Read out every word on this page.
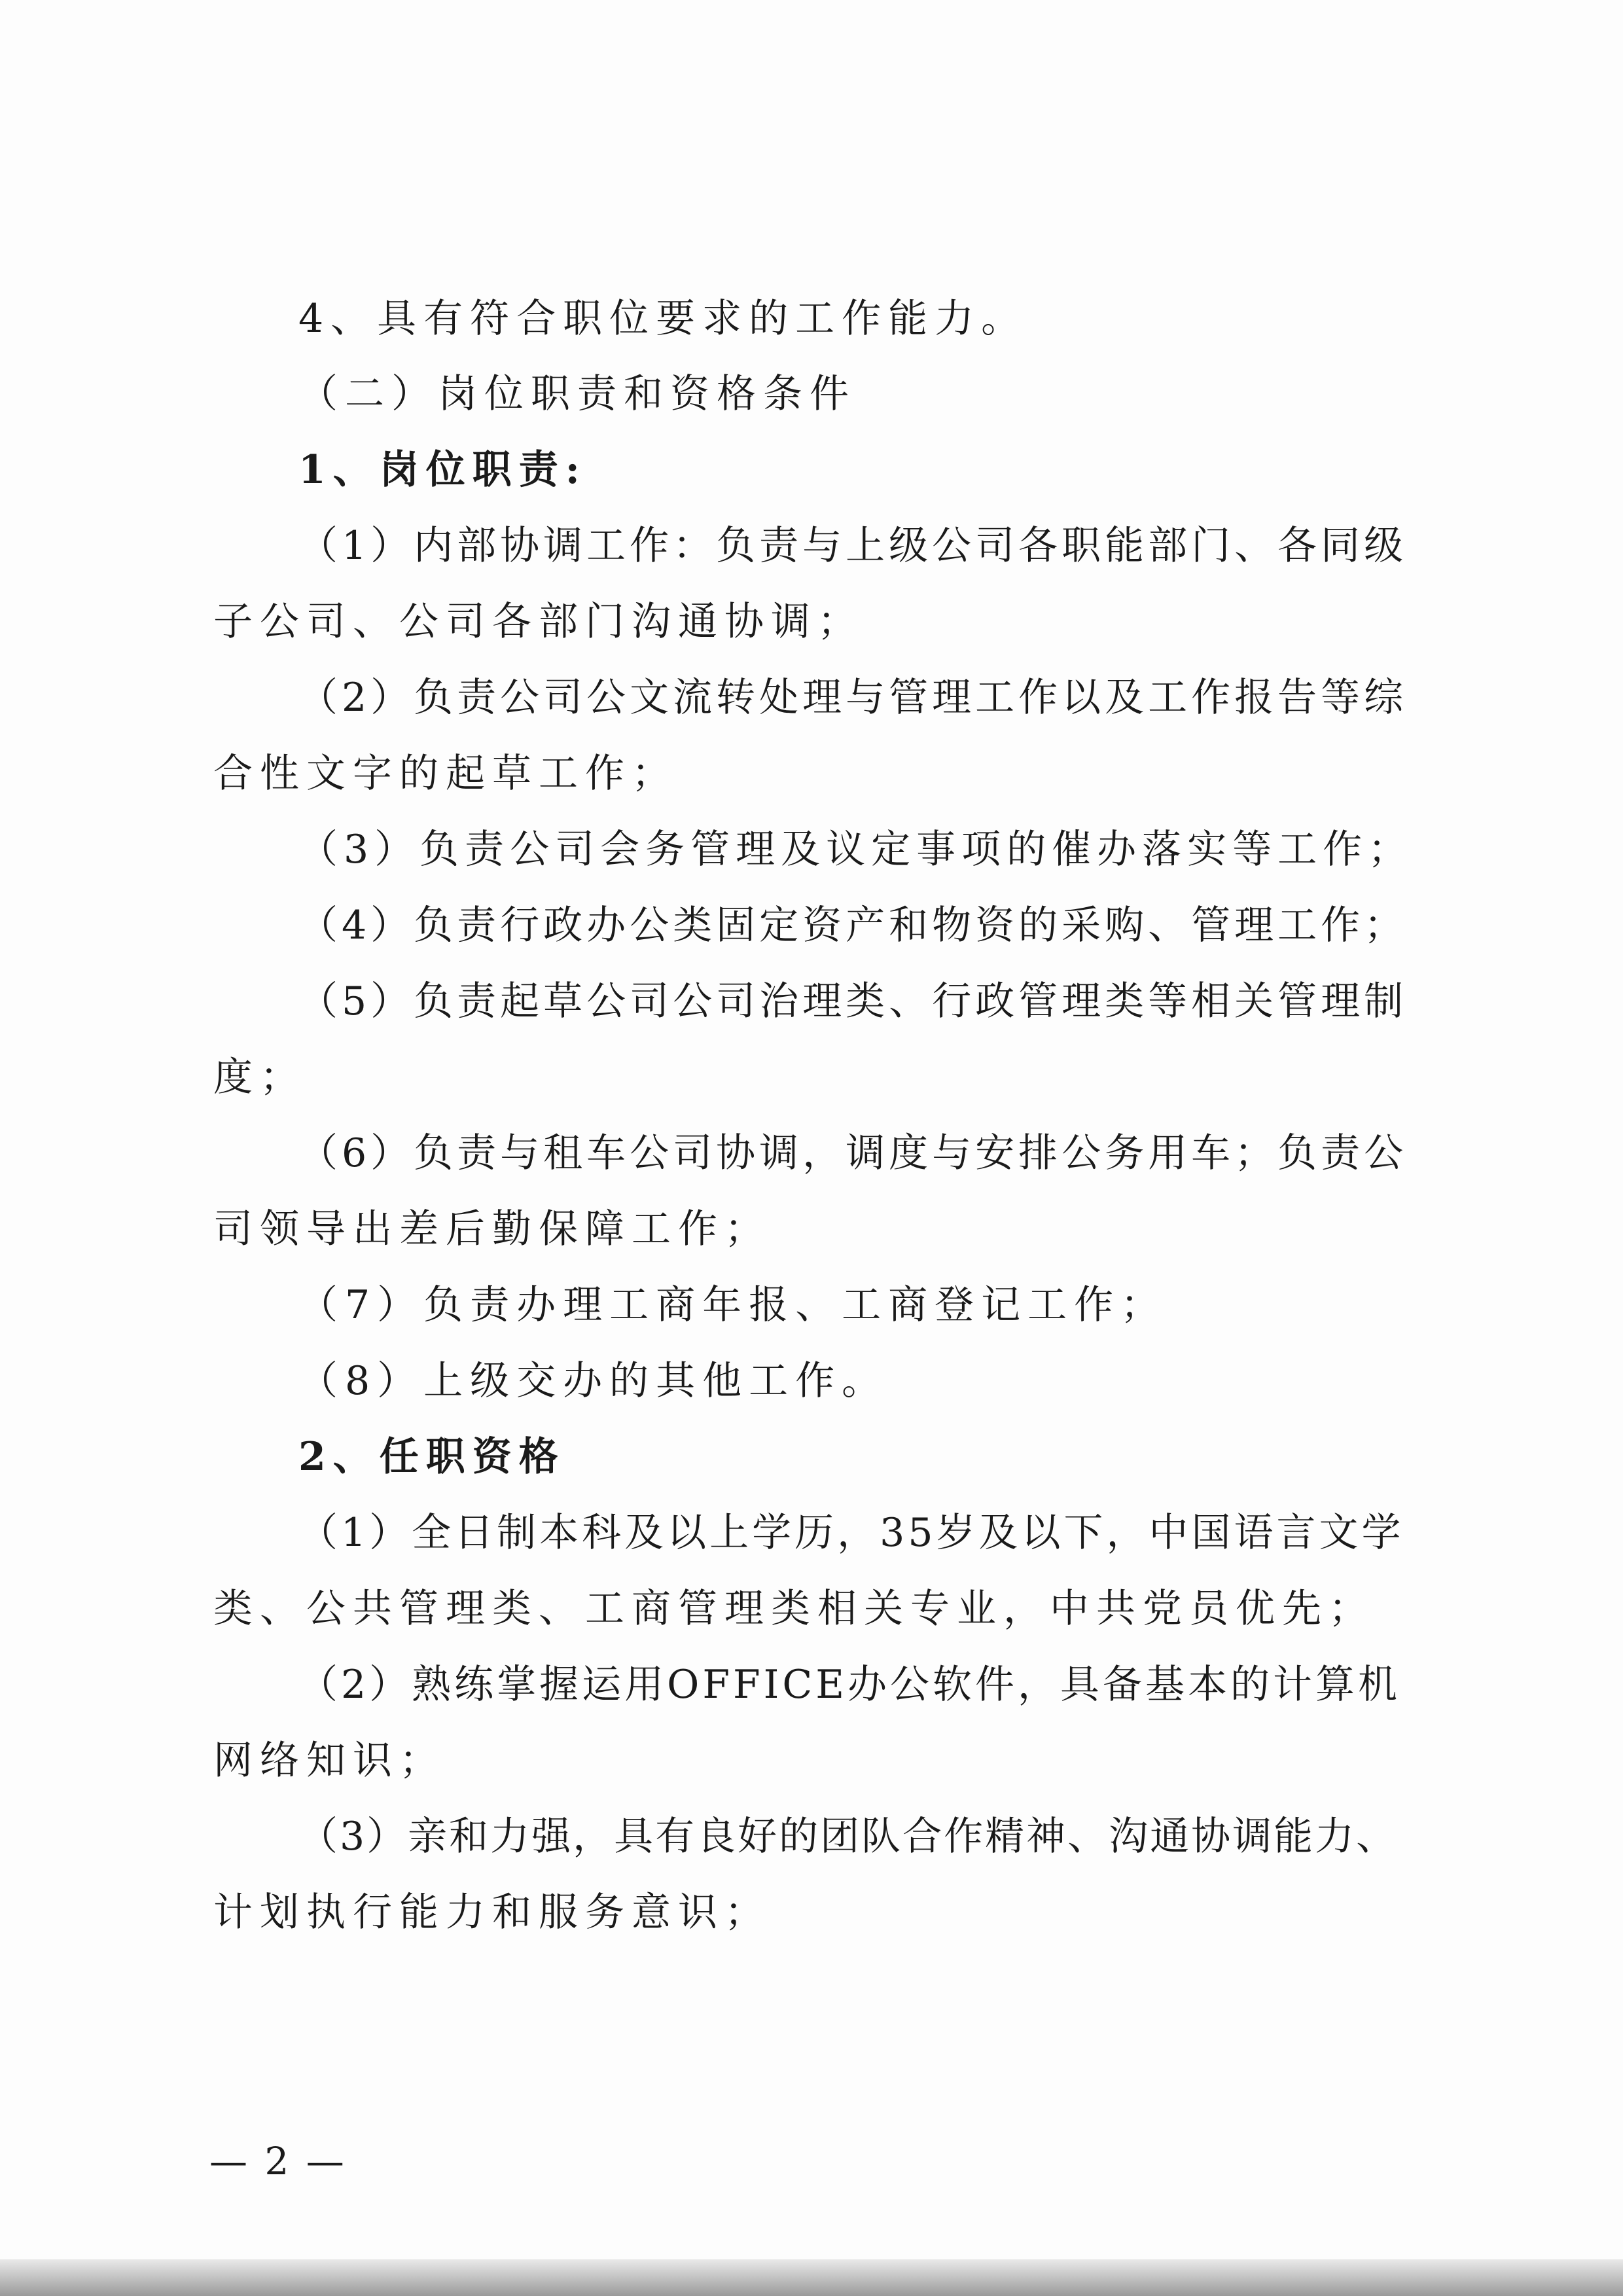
4、具有符合职位要求的工作能力。
（二）岗位职责和资格条件
1、岗位职责:
（1）内部协调工作：负责与上级公司各职能部门、各同级
子公司、公司各部门沟通协调；
（2）负责公司公文流转处理与管理工作以及工作报告等综
合性文字的起草工作；
（3）负责公司会务管理及议定事项的催办落实等工作；
（4）负责行政办公类固定资产和物资的采购、管理工作；
（5）负责起草公司公司治理类、行政管理类等相关管理制
度；
（6）负责与租车公司协调，调度与安排公务用车；负责公
司领导出差后勤保障工作；
（7）负责办理工商年报、工商登记工作；
（8）上级交办的其他工作。
2、任职资格
（1）全日制本科及以上学历，35岁及以下，中国语言文学
类、公共管理类、工商管理类相关专业，中共党员优先；
（2）熟练掌握运用OFFICE办公软件，具备基本的计算机
网络知识；
（3）亲和力强，具有良好的团队合作精神、沟通协调能力、
计划执行能力和服务意识；
— 2 —
